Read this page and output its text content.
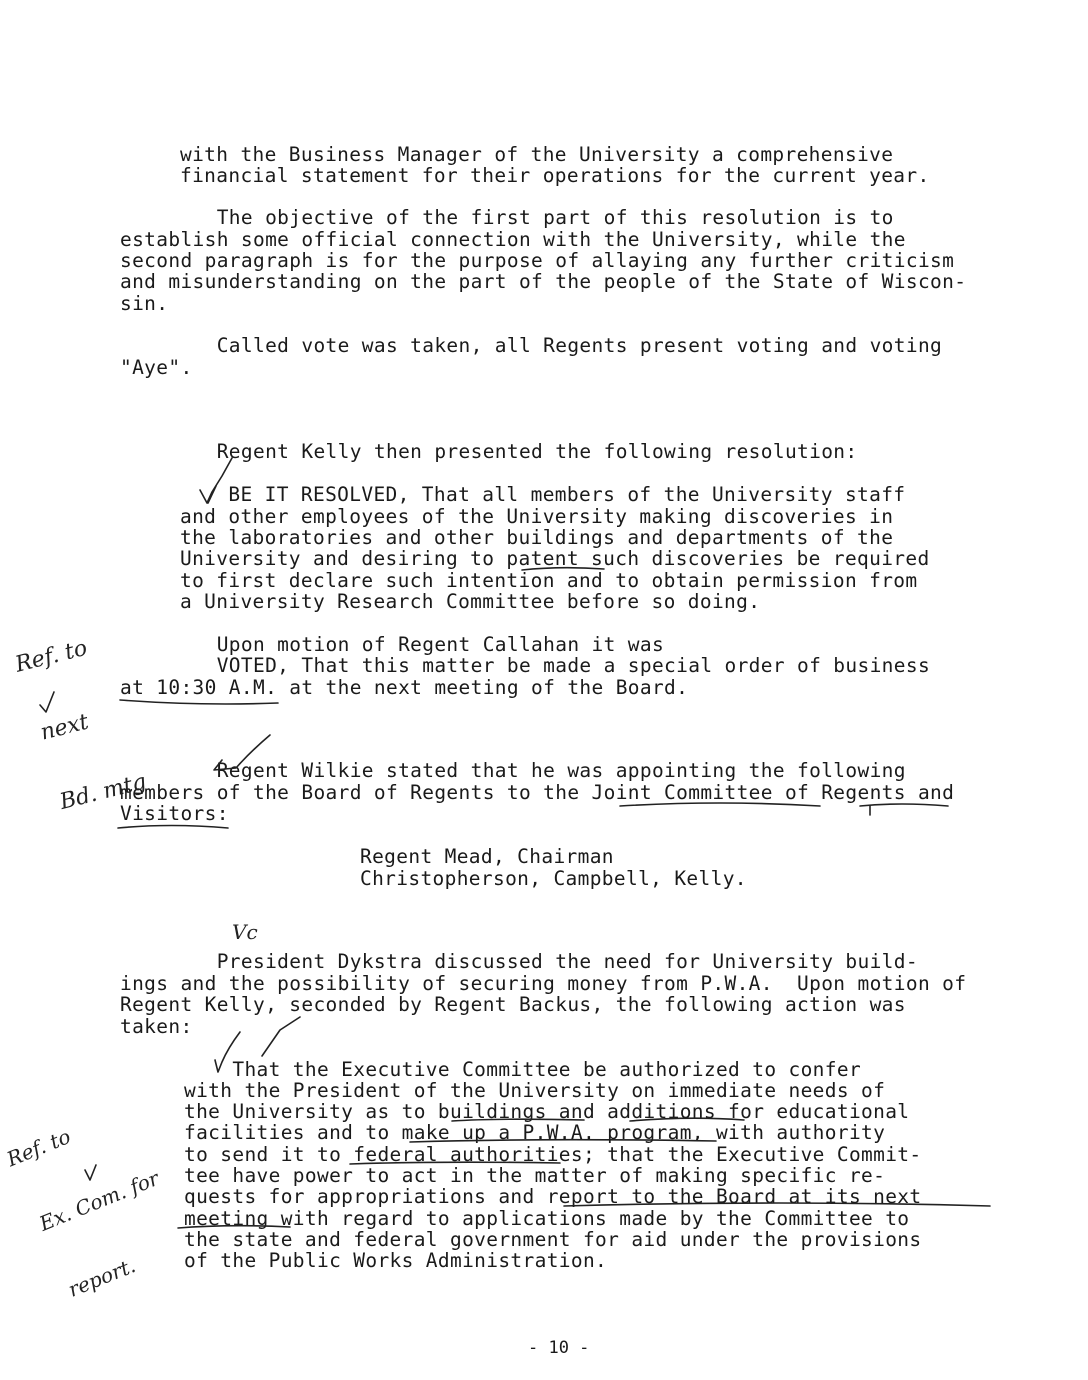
with the Business Manager of the University a comprehensive
financial statement for their operations for the current year.
The objective of the first part of this resolution is to
establish some official connection with the University, while the
second paragraph is for the purpose of allaying any further criticism
and misunderstanding on the part of the people of the State of Wiscon-
sin.
Called vote was taken, all Regents present voting and voting
"Aye".
Regent Kelly then presented the following resolution:
BE IT RESOLVED, That all members of the University staff
and other employees of the University making discoveries in
the laboratories and other buildings and departments of the
University and desiring to patent such discoveries be required
to first declare such intention and to obtain permission from
a University Research Committee before so doing.
Upon motion of Regent Callahan it was
VOTED, That this matter be made a special order of business
at 10:30 A.M. at the next meeting of the Board.
Regent Wilkie stated that he was appointing the following
members of the Board of Regents to the Joint Committee of Regents and
Visitors:
Regent Mead, Chairman
Christopherson, Campbell, Kelly.
President Dykstra discussed the need for University build-
ings and the possibility of securing money from P.W.A.  Upon motion of
Regent Kelly, seconded by Regent Backus, the following action was
taken:
That the Executive Committee be authorized to confer
with the President of the University on immediate needs of
the University as to buildings and additions for educational
facilities and to make up a P.W.A. program, with authority
to send it to federal authorities; that the Executive Commit-
tee have power to act in the matter of making specific re-
quests for appropriations and report to the Board at its next
meeting with regard to applications made by the Committee to
the state and federal government for aid under the provisions
of the Public Works Administration.
- 10 -

Ref. to

next

Bd. mtg

Ref. to

Ex. Com. for

report.

Vc
